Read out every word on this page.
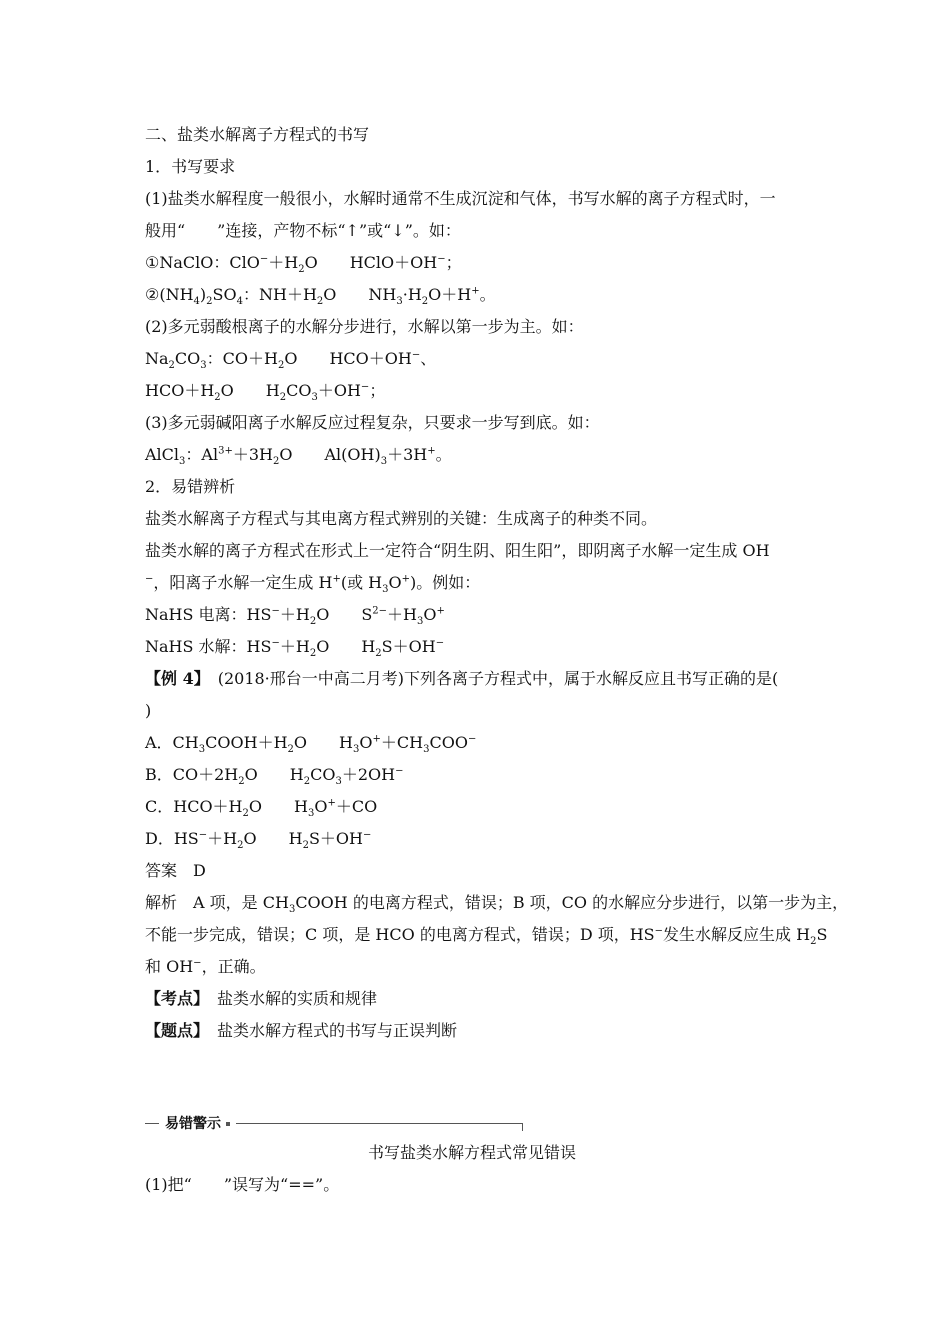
二、盐类水解离子方程式的书写
1．书写要求
(1)盐类水解程度一般很小，水解时通常不生成沉淀和气体，书写水解的离子方程式时，一
般用“　　”连接，产物不标“↑”或“↓”。如：
①NaClO：$ClO^-+H_2O$　　HClO＋OH−；
$②(NH_4)_2SO_4$：$NH+H_2O$　　$NH_3\cdot H_2O+H^+$。
(2)多元弱酸根离子的水解分步进行，水解以第一步为主。如：
$Na_2CO_3$：$CO+H_2O$　　HCO＋OH−、
$HCO+H_2O$　　$H_2CO_3+OH^-$；
(3)多元弱碱阳离子水解反应过程复杂，只要求一步写到底。如：
AlCl$_3$：$Al^{3+}+3H_2O$　　$Al(OH)_3+3H^+$。
2．易错辨析
盐类水解离子方程式与其电离方程式辨别的关键：生成离子的种类不同。
盐类水解的离子方程式在形式上一定符合“阴生阴、阳生阳”，即阴离子水解一定生成 OH
−，阳离子水解一定生成 H+(或 $H_3O^+$)。例如：
NaHS 电离：$HS^-+H_2O$　　$S^{2-}+H_3O^+$
NaHS 水解：$HS^-+H_2O$　　$H_2S+OH^-$
【例 4】　(2018·邢台一中高二月考)下列各离子方程式中，属于水解反应且书写正确的是(
)
A．$CH_3COOH+H_2O$　　$H_3O^++CH_3COO^-$
B．$CO+2H_2O$　　$H_2CO_3+2OH^-$
C．$HCO+H_2O$　　$H_3O^++CO$
D．$HS^-+H_2O$　　$H_2S+OH^-$
答案　D
解析　A 项，是 $CH_3COOH$ 的电离方程式，错误；B 项，CO 的水解应分步进行，以第一步为主，
不能一步完成，错误；C 项，是 HCO 的电离方程式，错误；D 项，HS−发生水解反应生成 $H_2S$
和 OH−，正确。
【考点】　盐类水解的实质和规律
【题点】　盐类水解方程式的书写与正误判断
易错警示
书写盐类水解方程式常见错误
(1)把“　　”误写为“==”。
